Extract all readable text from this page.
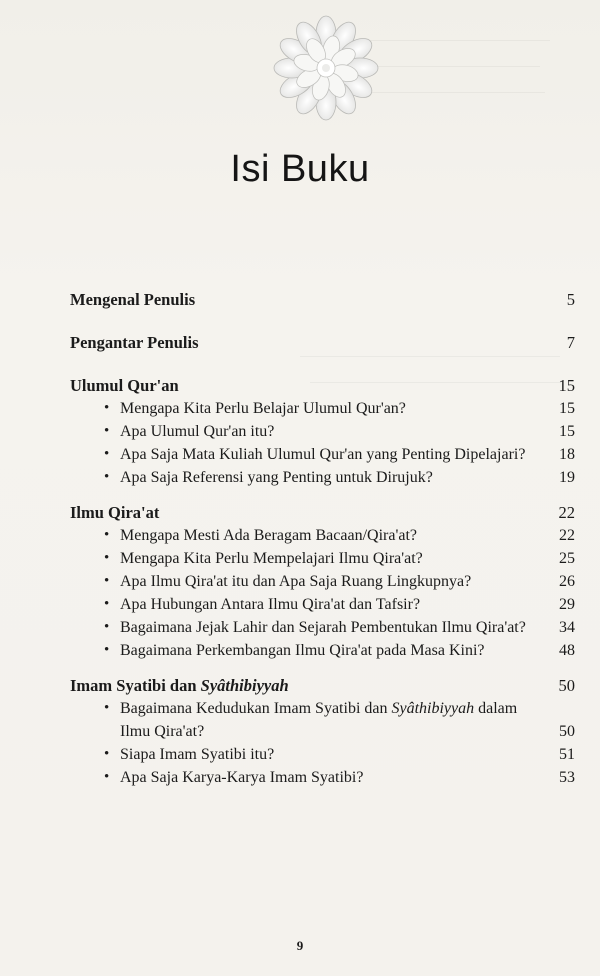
Isi Buku
Mengenal Penulis	5
Pengantar Penulis	7
Ulumul Qur'an	15
• Mengapa Kita Perlu Belajar Ulumul Qur'an?	15
• Apa Ulumul Qur'an itu?	15
• Apa Saja Mata Kuliah Ulumul Qur'an yang Penting Dipelajari?	18
• Apa Saja Referensi yang Penting untuk Dirujuk?	19
Ilmu Qira'at	22
• Mengapa Mesti Ada Beragam Bacaan/Qira'at?	22
• Mengapa Kita Perlu Mempelajari Ilmu Qira'at?	25
• Apa Ilmu Qira'at itu dan Apa Saja Ruang Lingkupnya?	26
• Apa Hubungan Antara Ilmu Qira'at dan Tafsir?	29
• Bagaimana Jejak Lahir dan Sejarah Pembentukan Ilmu Qira'at?	34
• Bagaimana Perkembangan Ilmu Qira'at pada Masa Kini?	48
Imam Syatibi dan Syâthibiyyah	50
• Bagaimana Kedudukan Imam Syatibi dan Syâthibiyyah dalam Ilmu Qira'at?	50
• Siapa Imam Syatibi itu?	51
• Apa Saja Karya-Karya Imam Syatibi?	53
9
